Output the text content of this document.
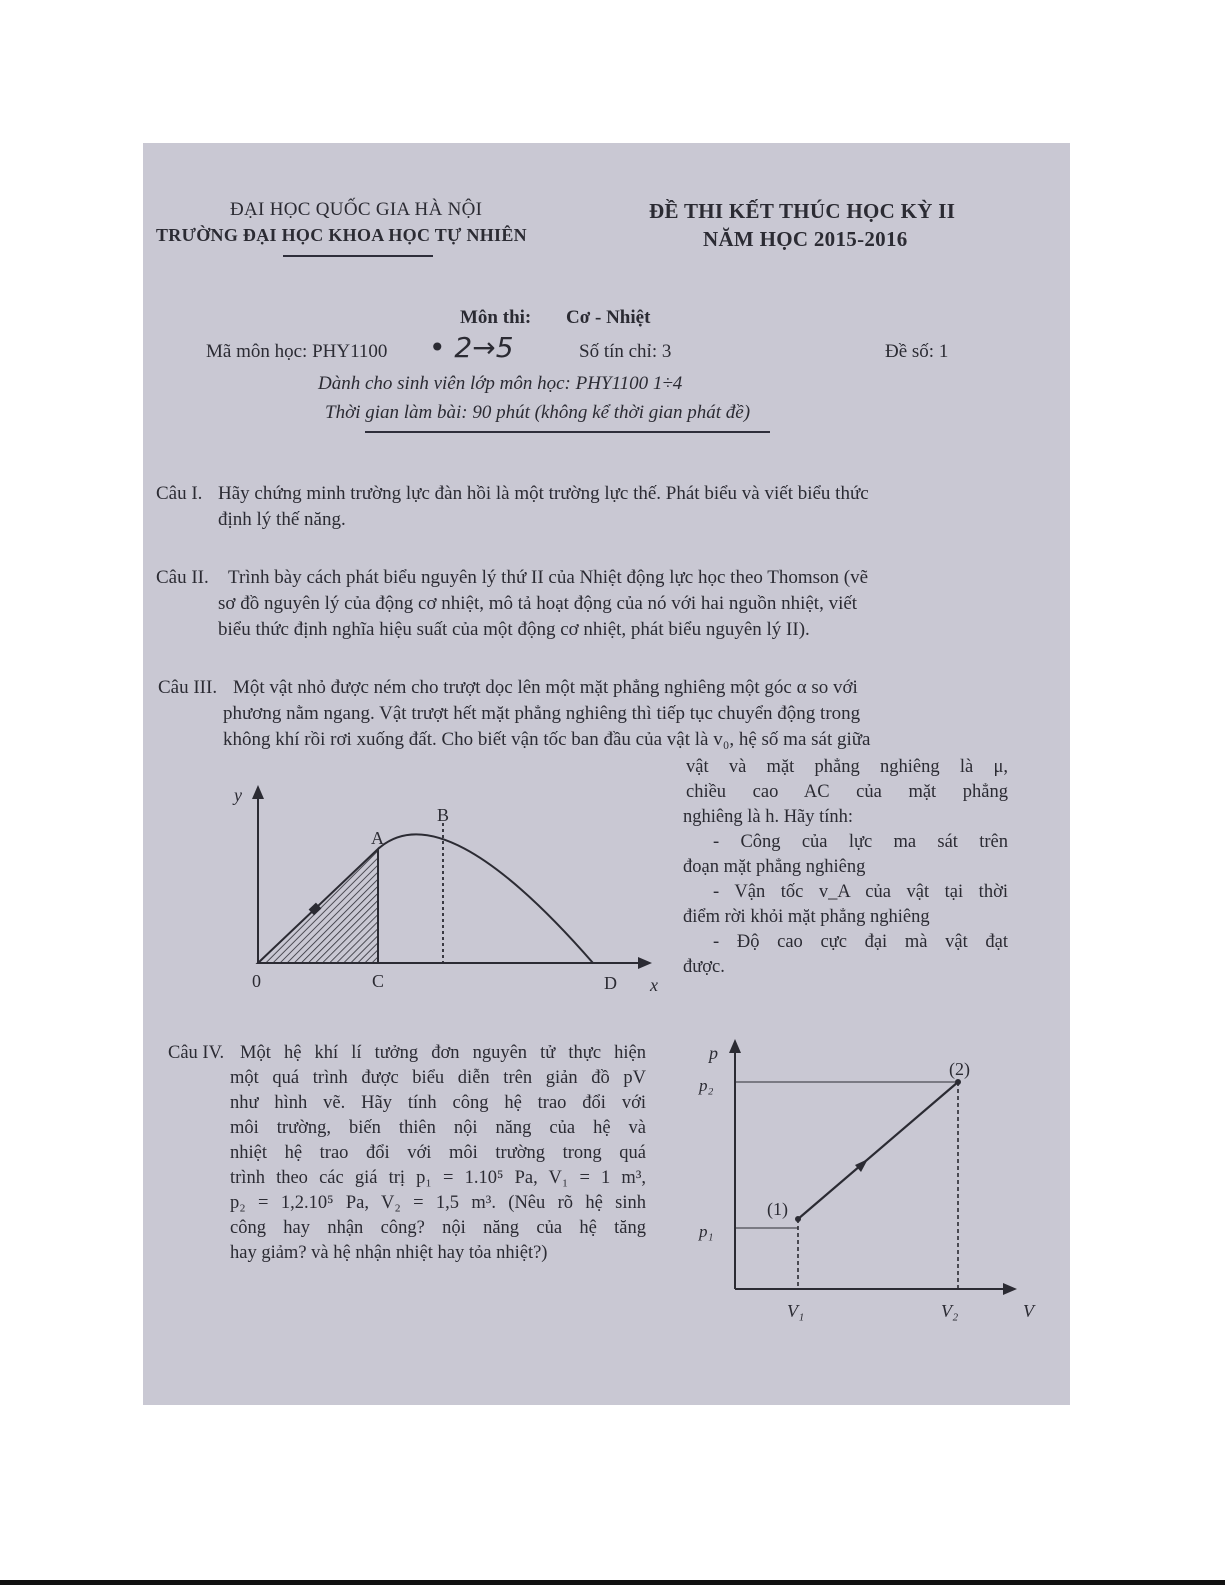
ĐẠI HỌC QUỐC GIA HÀ NỘI
TRƯỜNG ĐẠI HỌC KHOA HỌC TỰ NHIÊN
ĐỀ THI KẾT THÚC HỌC KỲ II
NĂM HỌC 2015-2016
Môn thi: Cơ - Nhiệt
Mã môn học: PHY1100 • 2→5	Số tín chỉ: 3	Đề số: 1
Dành cho sinh viên lớp môn học: PHY1100 1÷4
Thời gian làm bài: 90 phút (không kể thời gian phát đề)
Câu I. Hãy chứng minh trường lực đàn hồi là một trường lực thế. Phát biểu và viết biểu thức
định lý thế năng.
Câu II. Trình bày cách phát biểu nguyên lý thứ II của Nhiệt động lực học theo Thomson (vẽ
sơ đồ nguyên lý của động cơ nhiệt, mô tả hoạt động của nó với hai nguồn nhiệt, viết
biểu thức định nghĩa hiệu suất của một động cơ nhiệt, phát biểu nguyên lý II).
Câu III. Một vật nhỏ được ném cho trượt dọc lên một mặt phẳng nghiêng một góc α so với
phương nằm ngang. Vật trượt hết mặt phẳng nghiêng thì tiếp tục chuyển động trong
không khí rồi rơi xuống đất. Cho biết vận tốc ban đầu của vật là v₀, hệ số ma sát giữa
vật và mặt phẳng nghiêng là μ,
chiều cao AC của mặt phẳng
nghiêng là h. Hãy tính:
- Công của lực ma sát trên
đoạn mặt phẳng nghiêng
- Vận tốc v_A của vật tại thời
điểm rời khỏi mặt phẳng nghiêng
- Độ cao cực đại mà vật đạt
được.
y
x
0
A
B
C	D
Câu IV. Một hệ khí lí tưởng đơn nguyên tử thực hiện
một quá trình được biểu diễn trên giản đồ pV
như hình vẽ. Hãy tính công hệ trao đổi với
môi trường, biến thiên nội năng của hệ và
nhiệt hệ trao đổi với môi trường trong quá
trình theo các giá trị p₁ = 1.10⁵ Pa, V₁ = 1 m³,
p₂ = 1,2.10⁵ Pa, V₂ = 1,5 m³. (Nêu rõ hệ sinh
công hay nhận công? nội năng của hệ tăng
hay giảm? và hệ nhận nhiệt hay tỏa nhiệt?)
p
V
p₂
p₁
V₁	V₂
(1)
(2)
